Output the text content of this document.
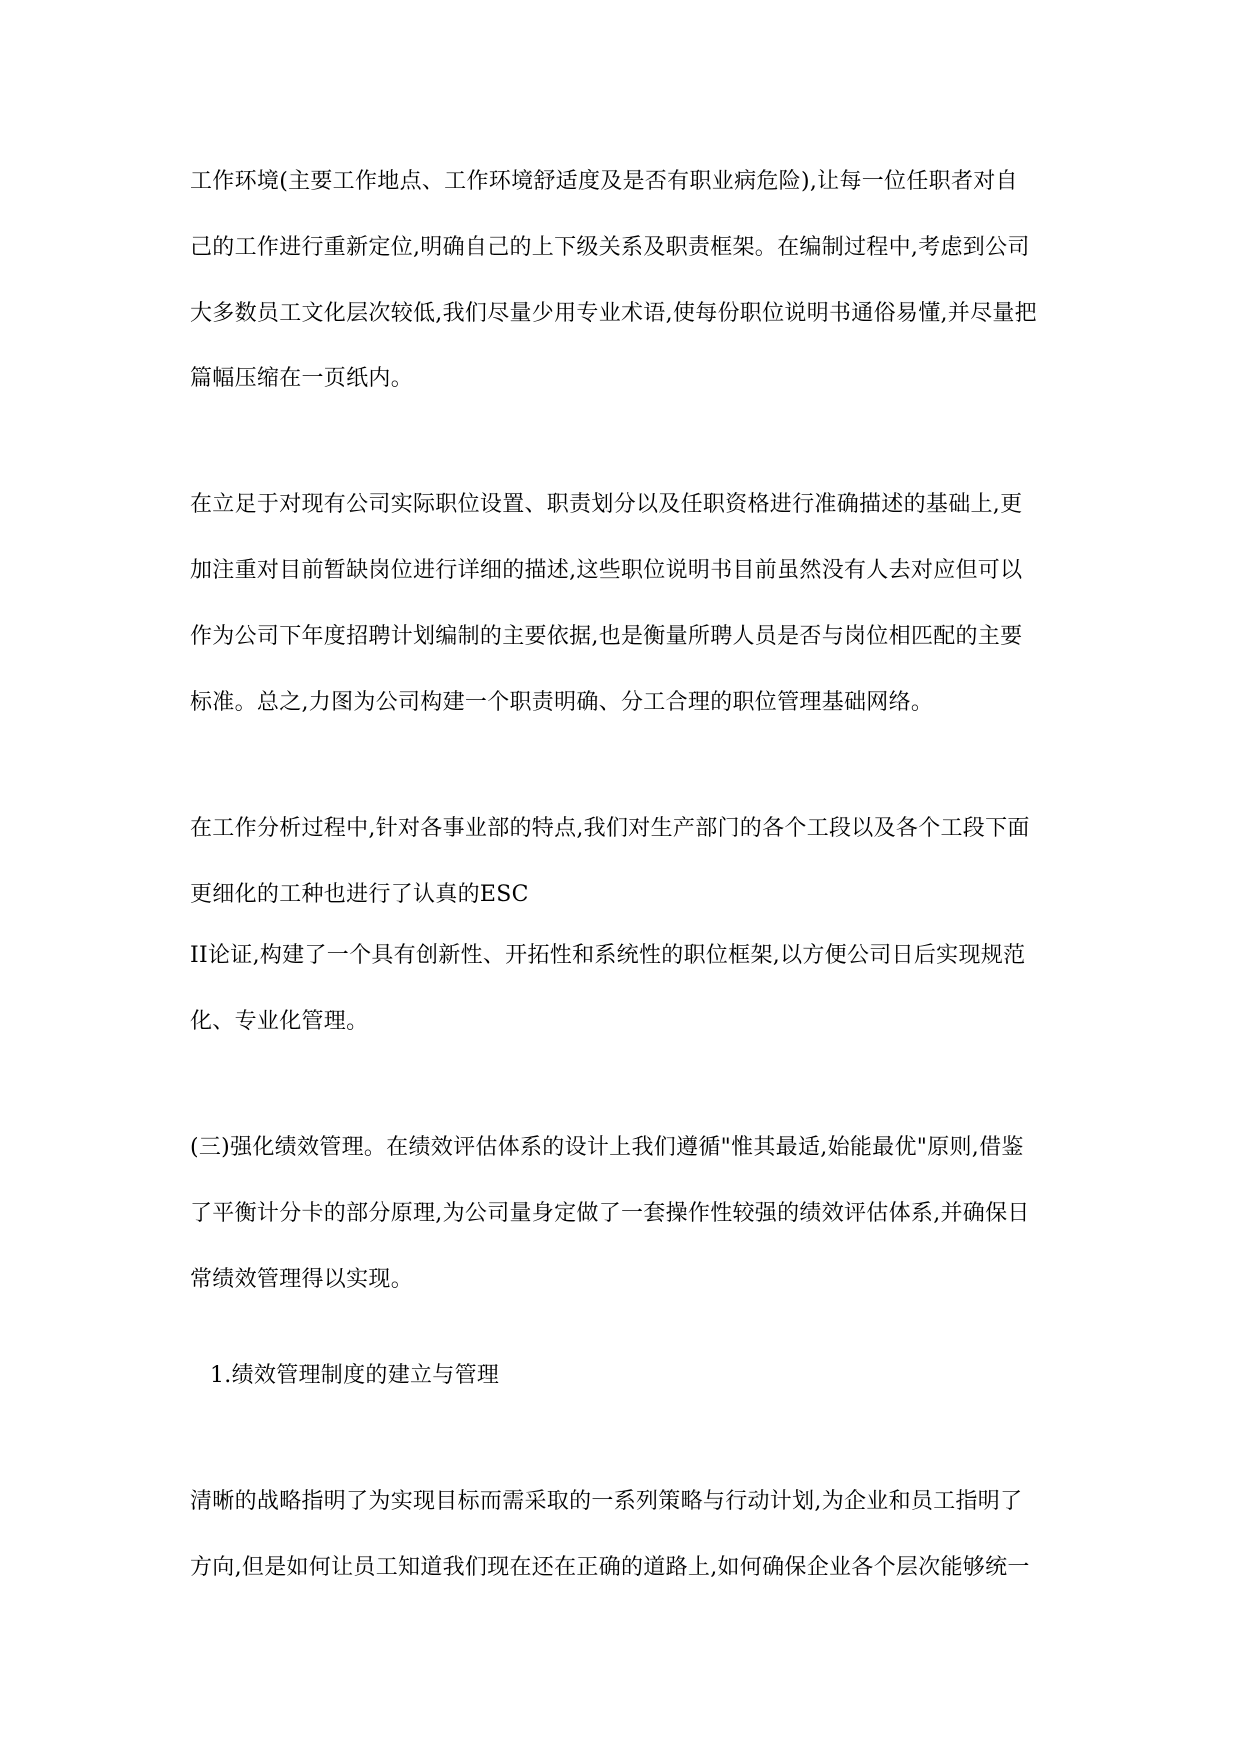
工作环境(主要工作地点、工作环境舒适度及是否有职业病危险),让每一位任职者对自
己的工作进行重新定位,明确自己的上下级关系及职责框架。在编制过程中,考虑到公司
大多数员工文化层次较低,我们尽量少用专业术语,使每份职位说明书通俗易懂,并尽量把
篇幅压缩在一页纸内。
在立足于对现有公司实际职位设置、职责划分以及任职资格进行准确描述的基础上,更
加注重对目前暂缺岗位进行详细的描述,这些职位说明书目前虽然没有人去对应但可以
作为公司下年度招聘计划编制的主要依据,也是衡量所聘人员是否与岗位相匹配的主要
标准。总之,力图为公司构建一个职责明确、分工合理的职位管理基础网络。
在工作分析过程中,针对各事业部的特点,我们对生产部门的各个工段以及各个工段下面
更细化的工种也进行了认真的ESC
II论证,构建了一个具有创新性、开拓性和系统性的职位框架,以方便公司日后实现规范
化、专业化管理。
(三)强化绩效管理。在绩效评估体系的设计上我们遵循"惟其最适,始能最优"原则,借鉴
了平衡计分卡的部分原理,为公司量身定做了一套操作性较强的绩效评估体系,并确保日
常绩效管理得以实现。
1.绩效管理制度的建立与管理
清晰的战略指明了为实现目标而需采取的一系列策略与行动计划,为企业和员工指明了
方向,但是如何让员工知道我们现在还在正确的道路上,如何确保企业各个层次能够统一
